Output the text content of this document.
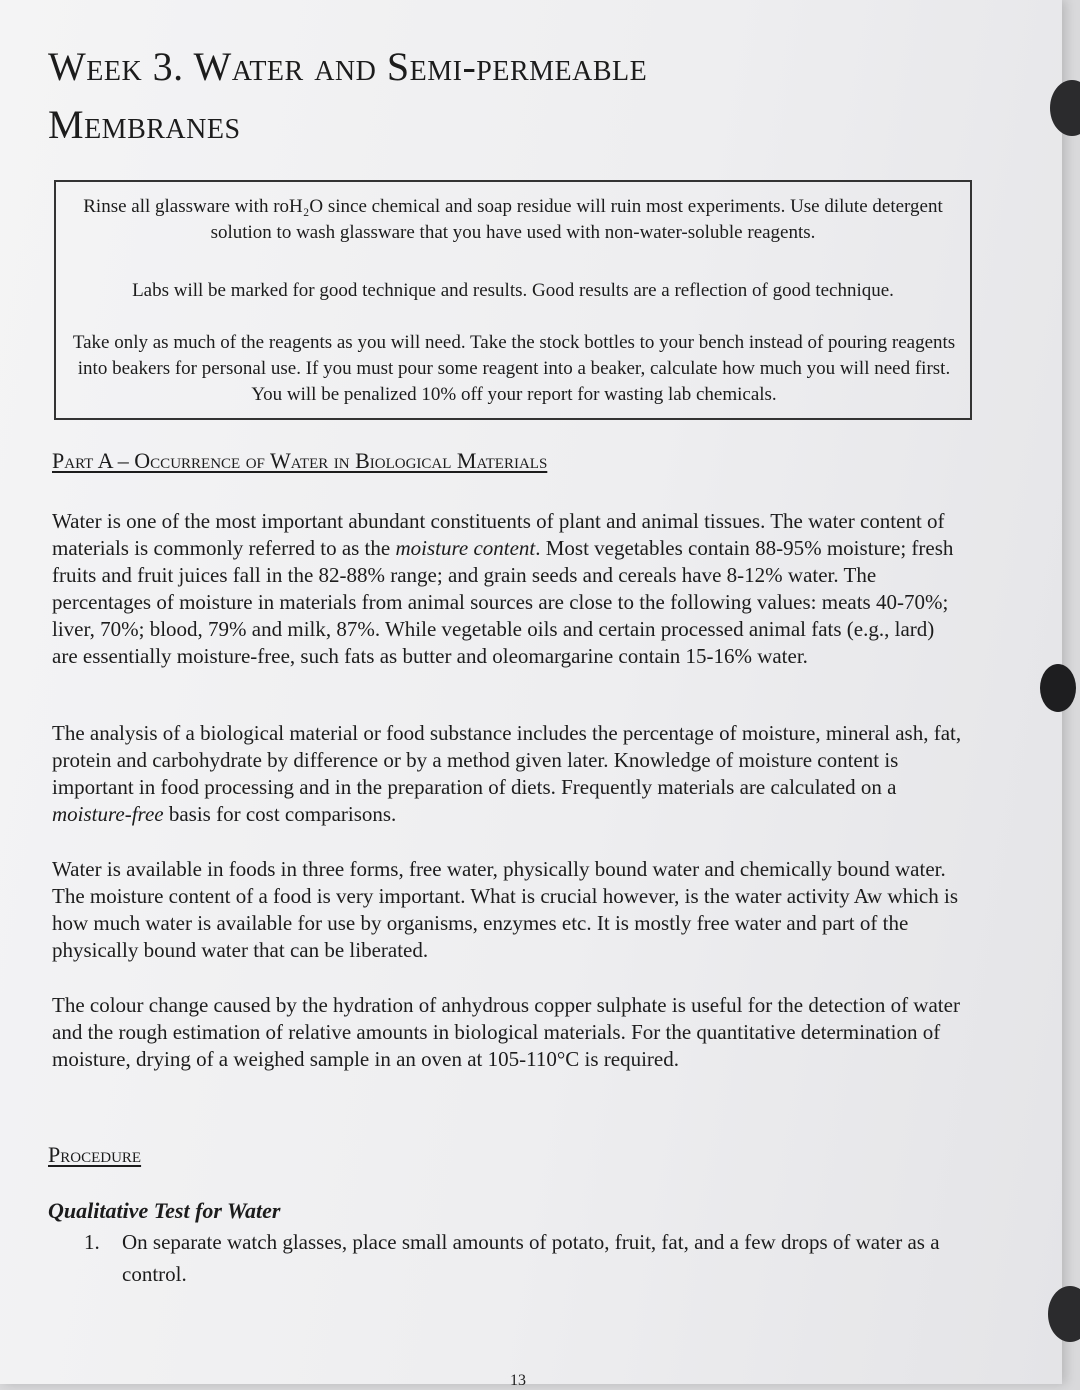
Week 3. Water and Semi-permeable
Membranes

Rinse all glassware with roH₂O since chemical and soap residue will ruin most experiments. Use dilute detergent solution to wash glassware that you have used with non-water-soluble reagents.

Labs will be marked for good technique and results. Good results are a reflection of good technique.

Take only as much of the reagents as you will need. Take the stock bottles to your bench instead of pouring reagents into beakers for personal use. If you must pour some reagent into a beaker, calculate how much you will need first. You will be penalized 10% off your report for wasting lab chemicals.

Part A – Occurrence of Water in Biological Materials

Water is one of the most important abundant constituents of plant and animal tissues. The water content of materials is commonly referred to as the moisture content. Most vegetables contain 88-95% moisture; fresh fruits and fruit juices fall in the 82-88% range; and grain seeds and cereals have 8-12% water. The percentages of moisture in materials from animal sources are close to the following values: meats 40-70%; liver, 70%; blood, 79% and milk, 87%. While vegetable oils and certain processed animal fats (e.g., lard) are essentially moisture-free, such fats as butter and oleomargarine contain 15-16% water.

The analysis of a biological material or food substance includes the percentage of moisture, mineral ash, fat, protein and carbohydrate by difference or by a method given later. Knowledge of moisture content is important in food processing and in the preparation of diets. Frequently materials are calculated on a moisture-free basis for cost comparisons.

Water is available in foods in three forms, free water, physically bound water and chemically bound water. The moisture content of a food is very important. What is crucial however, is the water activity Aw which is how much water is available for use by organisms, enzymes etc. It is mostly free water and part of the physically bound water that can be liberated.

The colour change caused by the hydration of anhydrous copper sulphate is useful for the detection of water and the rough estimation of relative amounts in biological materials. For the quantitative determination of moisture, drying of a weighed sample in an oven at 105-110°C is required.

Procedure

Qualitative Test for Water

1.	On separate watch glasses, place small amounts of potato, fruit, fat, and a few drops of water as a control.

13
